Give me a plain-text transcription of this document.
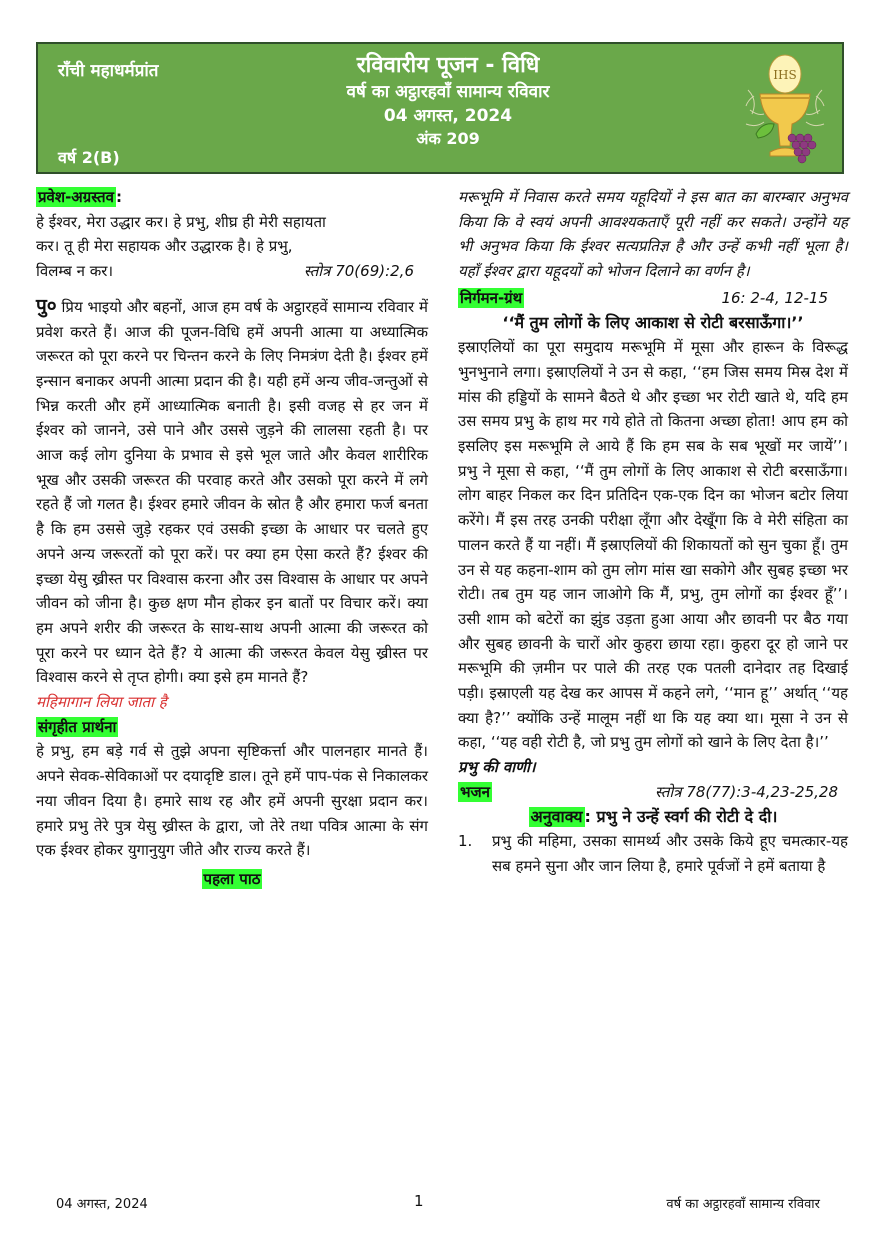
राँची महाधर्मप्रांत
वर्ष 2(B)
रविवारीय पूजन - विधि
वर्ष का अट्ठारहवाँ सामान्य रविवार
04 अगस्त, 2024
अंक 209
IHS
प्रवेश-अग्रस्तव :
हे ईश्वर, मेरा उद्धार कर। हे प्रभु, शीघ्र ही मेरी सहायता
कर। तू ही मेरा सहायक और उद्धारक है। हे प्रभु,
विलम्ब न कर।	स्तोत्र 70(69):2,6
पु० प्रिय भाइयो और बहनों, आज हम वर्ष के अट्ठारहवें सामान्य रविवार में प्रवेश करते हैं। आज की पूजन-विधि हमें अपनी आत्मा या अध्यात्मिक जरूरत को पूरा करने पर चिन्तन करने के लिए निमत्रंण देती है। ईश्वर हमें इन्सान बनाकर अपनी आत्मा प्रदान की है। यही हमें अन्य जीव-जन्तुओं से भिन्न करती और हमें आध्यात्मिक बनाती है। इसी वजह से हर जन में ईश्वर को जानने, उसे पाने और उससे जुड़ने की लालसा रहती है। पर आज कई लोग दुनिया के प्रभाव से इसे भूल जाते और केवल शारीरिक भूख और उसकी जरूरत की परवाह करते और उसको पूरा करने में लगे रहते हैं जो गलत है। ईश्वर हमारे जीवन के स्रोत है और हमारा फर्ज बनता है कि हम उससे जुड़े रहकर एवं उसकी इच्छा के आधार पर चलते हुए अपने अन्य जरूरतों को पूरा करें। पर क्या हम ऐसा करते हैं? ईश्वर की इच्छा येसु ख्रीस्त पर विश्वास करना और उस विश्वास के आधार पर अपने जीवन को जीना है। कुछ क्षण मौन होकर इन बातों पर विचार करें। क्या हम अपने शरीर की जरूरत के साथ-साथ अपनी आत्मा की जरूरत को पूरा करने पर ध्यान देते हैं? ये आत्मा की जरूरत केवल येसु ख्रीस्त पर विश्वास करने से तृप्त होगी। क्या इसे हम मानते हैं?
महिमागान लिया जाता है
संगृहीत प्रार्थना
हे प्रभु, हम बड़े गर्व से तुझे अपना सृष्टिकर्त्ता और पालनहार मानते हैं। अपने सेवक-सेविकाओं पर दयादृष्टि डाल। तूने हमें पाप-पंक से निकालकर नया जीवन दिया है। हमारे साथ रह और हमें अपनी सुरक्षा प्रदान कर। हमारे प्रभु तेरे पुत्र येसु ख्रीस्त के द्वारा, जो तेरे तथा पवित्र आत्मा के संग एक ईश्वर होकर युगानुयुग जीते और राज्य करते हैं।
पहला पाठ
मरूभूमि में निवास करते समय यहूदियों ने इस बात का बारम्बार अनुभव किया कि वे स्वयं अपनी आवश्यकताएँ पूरी नहीं कर सकते। उन्होंने यह भी अनुभव किया कि ईश्वर सत्यप्रतिज्ञ है और उन्हें कभी नहीं भूला है। यहाँ ईश्वर द्वारा यहूदयों को भोजन दिलाने का वर्णन है।
निर्गमन-ग्रंथ	16: 2-4, 12-15
‘‘मैं तुम लोगों के लिए आकाश से रोटी बरसाऊँगा।’’
इस्राएलियों का पूरा समुदाय मरूभूमि में मूसा और हारून के विरूद्ध भुनभुनाने लगा। इस्राएलियों ने उन से कहा, ‘‘हम जिस समय मिस्र देश में मांस की हड्डियों के सामने बैठते थे और इच्छा भर रोटी खाते थे, यदि हम उस समय प्रभु के हाथ मर गये होते तो कितना अच्छा होता! आप हम को इसलिए इस मरूभूमि ले आये हैं कि हम सब के सब भूखों मर जायें’’। प्रभु ने मूसा से कहा, ‘‘मैं तुम लोगों के लिए आकाश से रोटी बरसाऊँगा। लोग बाहर निकल कर दिन प्रतिदिन एक-एक दिन का भोजन बटोर लिया करेंगे। मैं इस तरह उनकी परीक्षा लूँगा और देखूँगा कि वे मेरी संहिता का पालन करते हैं या नहीं। मैं इस्राएलियों की शिकायतों को सुन चुका हूँ। तुम उन से यह कहना-शाम को तुम लोग मांस खा सकोगे और सुबह इच्छा भर रोटी। तब तुम यह जान जाओगे कि मैं, प्रभु, तुम लोगों का ईश्वर हूँ’’। उसी शाम को बटेरों का झुंड उड़ता हुआ आया और छावनी पर बैठ गया और सुबह छावनी के चारों ओर कुहरा छाया रहा। कुहरा दूर हो जाने पर मरूभूमि की ज़मीन पर पाले की तरह एक पतली दानेदार तह दिखाई पड़ी। इस्राएली यह देख कर आपस में कहने लगे, ‘‘मान हू’’ अर्थात् ‘‘यह क्या है?’’ क्योंकि उन्हें मालूम नहीं था कि यह क्या था। मूसा ने उन से कहा, ‘‘यह वही रोटी है, जो प्रभु तुम लोगों को खाने के लिए देता है।’’
प्रभु की वाणी।
भजन	स्तोत्र 78(77):3-4,23-25,28
अनुवाक्य : प्रभु ने उन्हें स्वर्ग की रोटी दे दी।
1.	प्रभु की महिमा, उसका सामर्थ्य और उसके किये हूए चमत्कार-यह सब हमने सुना और जान लिया है, हमारे पूर्वजों ने हमें बताया है
04 अगस्त, 2024	1	वर्ष का अट्ठारहवाँ सामान्य रविवार
